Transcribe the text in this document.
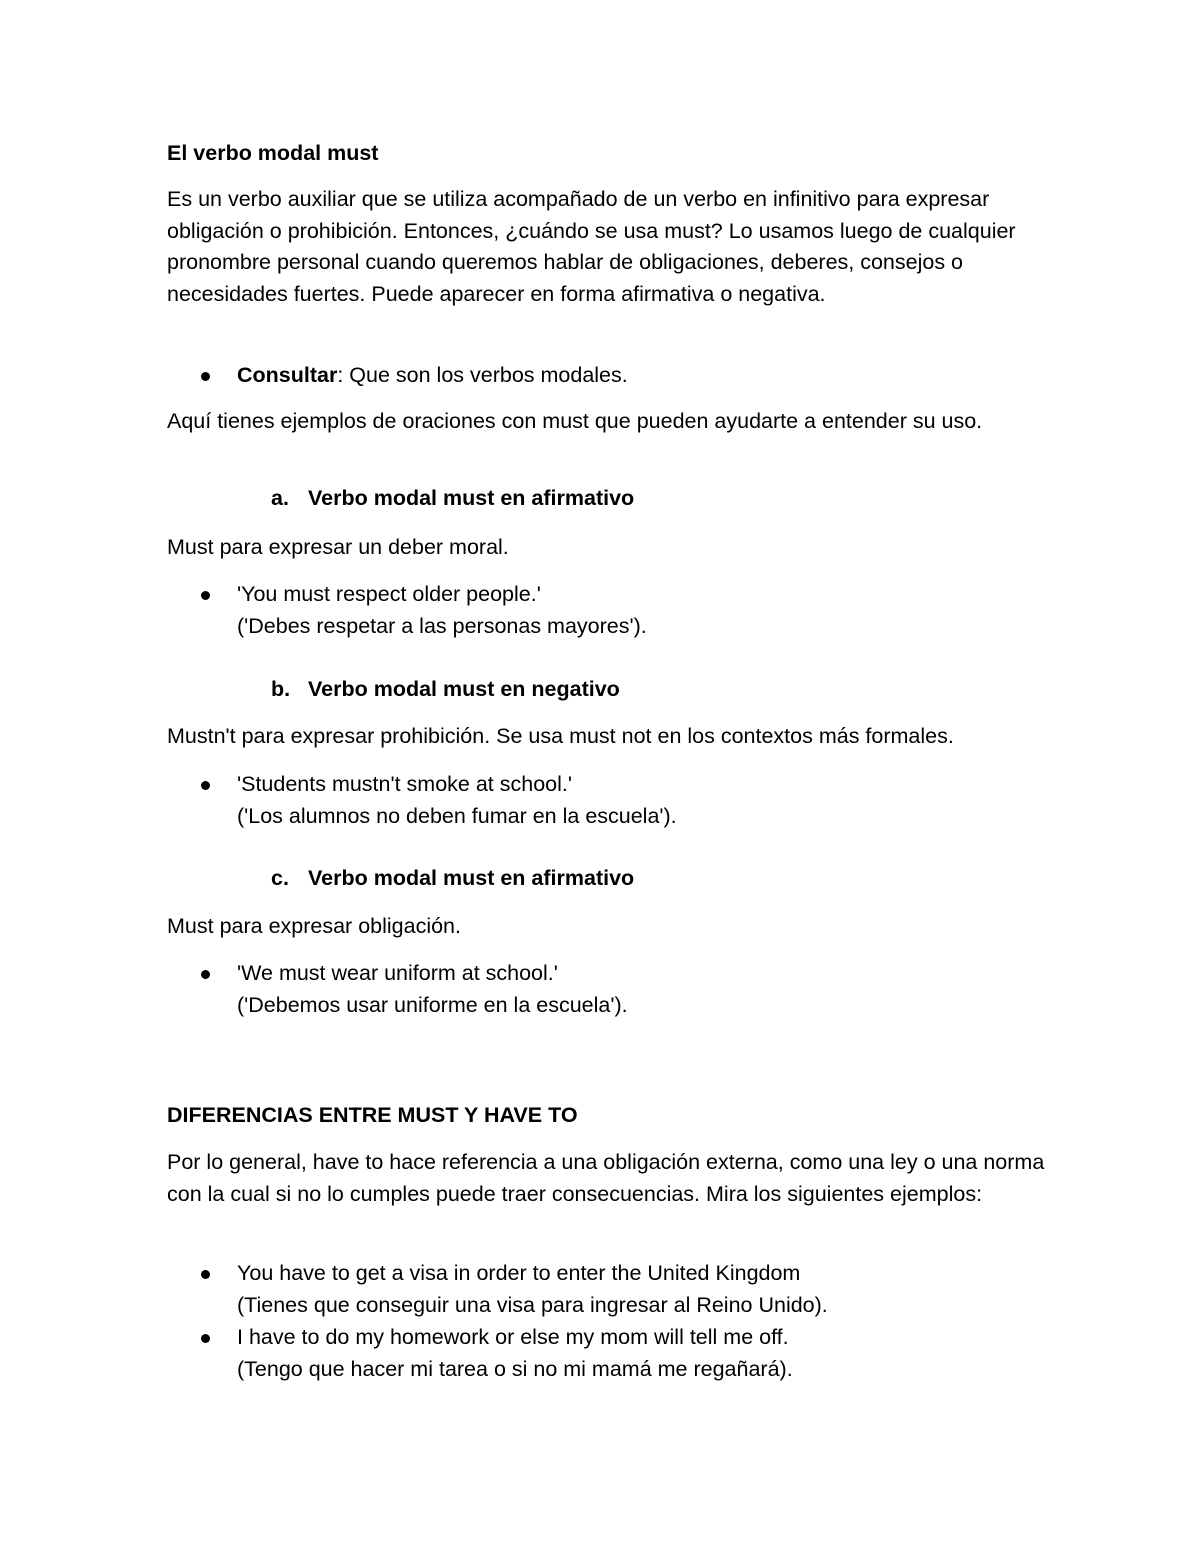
El verbo modal must

Es un verbo auxiliar que se utiliza acompañado de un verbo en infinitivo para expresar obligación o prohibición. Entonces, ¿cuándo se usa must? Lo usamos luego de cualquier pronombre personal cuando queremos hablar de obligaciones, deberes, consejos o necesidades fuertes. Puede aparecer en forma afirmativa o negativa.

Consultar: Que son los verbos modales.

Aquí tienes ejemplos de oraciones con must que pueden ayudarte a entender su uso.

a. Verbo modal must en afirmativo

Must para expresar un deber moral.

'You must respect older people.'
('Debes respetar a las personas mayores').

b. Verbo modal must en negativo

Mustn't para expresar prohibición. Se usa must not en los contextos más formales.

'Students mustn't smoke at school.'
('Los alumnos no deben fumar en la escuela').

c. Verbo modal must en afirmativo

Must para expresar obligación.

'We must wear uniform at school.'
('Debemos usar uniforme en la escuela').

DIFERENCIAS ENTRE MUST Y HAVE TO

Por lo general, have to hace referencia a una obligación externa, como una ley o una norma con la cual si no lo cumples puede traer consecuencias. Mira los siguientes ejemplos:

You have to get a visa in order to enter the United Kingdom
(Tienes que conseguir una visa para ingresar al Reino Unido).
I have to do my homework or else my mom will tell me off.
(Tengo que hacer mi tarea o si no mi mamá me regañará).
